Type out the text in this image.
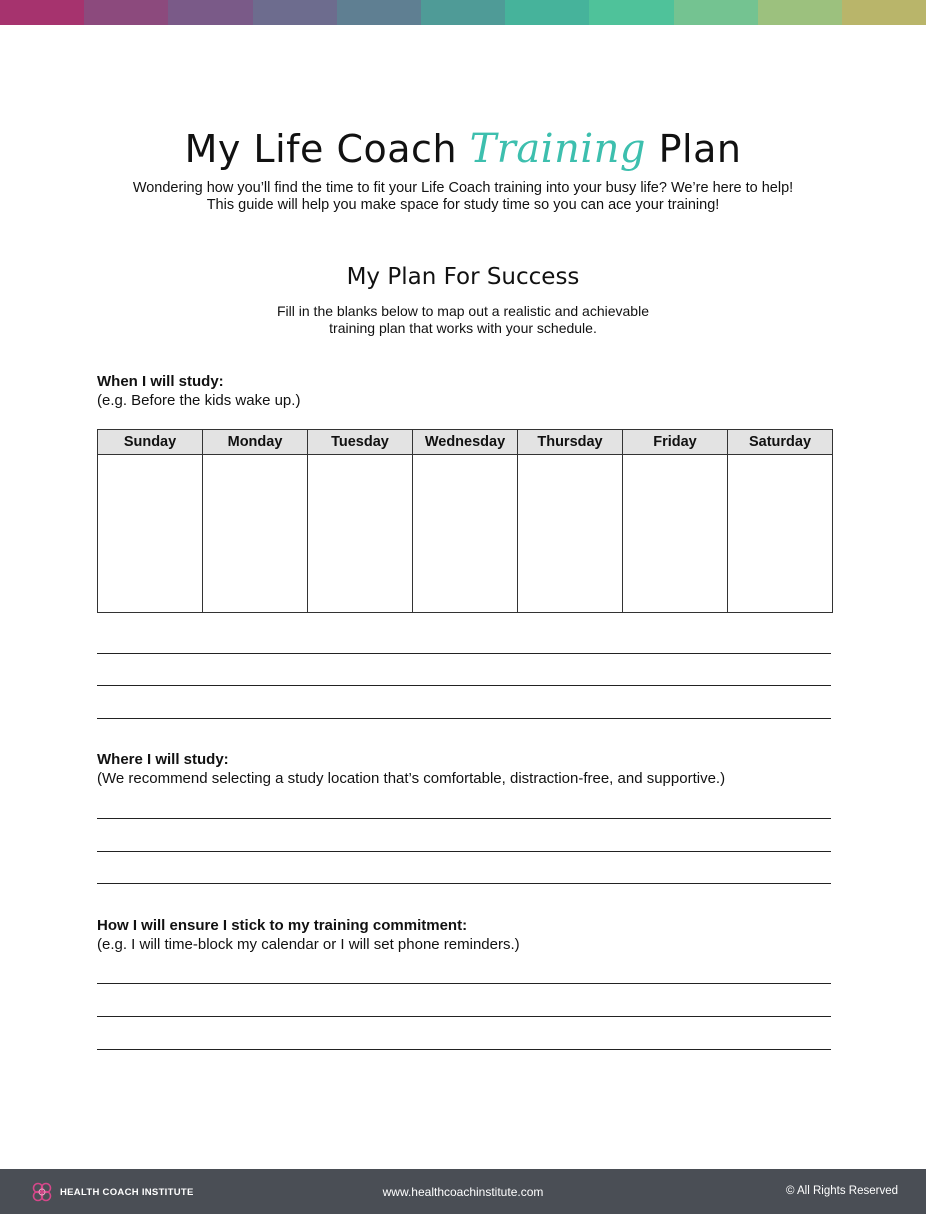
My Life Coach Training Plan
Wondering how you’ll find the time to fit your Life Coach training into your busy life? We’re here to help!
This guide will help you make space for study time so you can ace your training!
My Plan For Success
Fill in the blanks below to map out a realistic and achievable
training plan that works with your schedule.
When I will study:
(e.g. Before the kids wake up.)
Sunday	Monday	Tuesday	Wednesday	Thursday	Friday	Saturday

Where I will study:
(We recommend selecting a study location that’s comfortable, distraction-free, and supportive.)
How I will ensure I stick to my training commitment:
(e.g. I will time-block my calendar or I will set phone reminders.)
HEALTH COACH INSTITUTE	www.healthcoachinstitute.com	© All Rights Reserved
